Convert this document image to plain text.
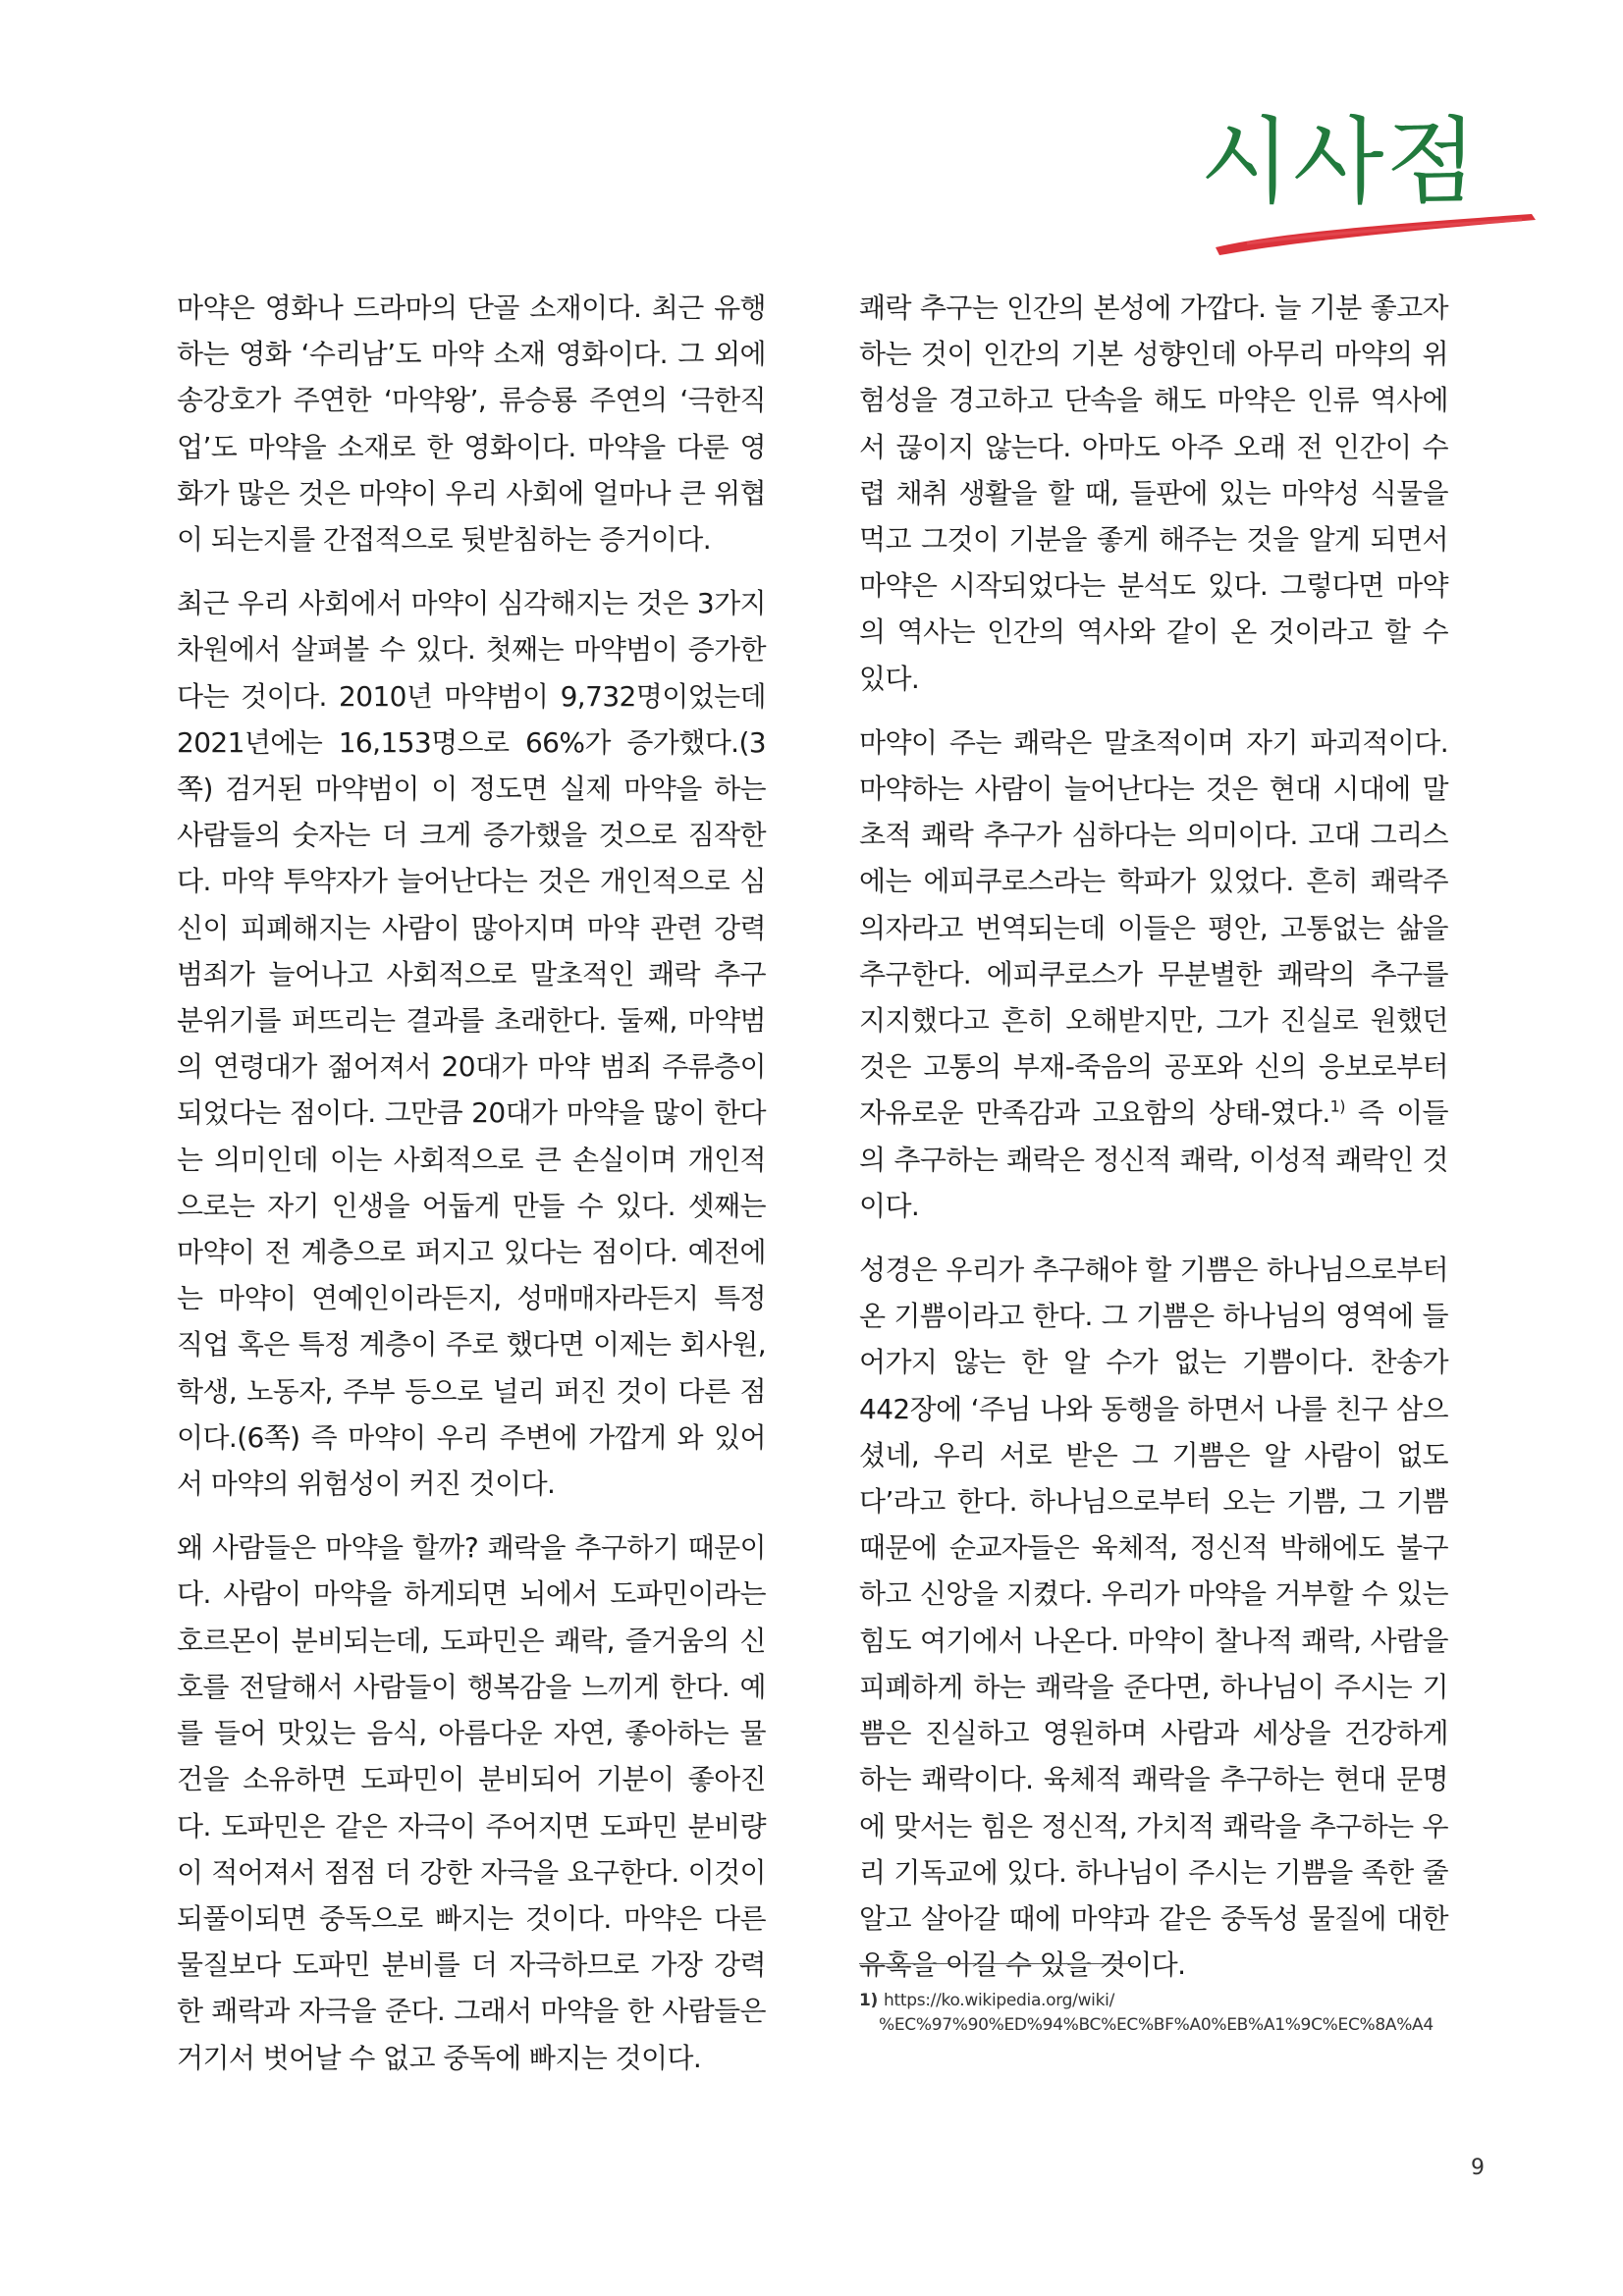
시사점

마약은 영화나 드라마의 단골 소재이다. 최근 유행하는 영화 ‘수리남’도 마약 소재 영화이다. 그 외에 송강호가 주연한 ‘마약왕’, 류승룡 주연의 ‘극한직업’도 마약을 소재로 한 영화이다. 마약을 다룬 영화가 많은 것은 마약이 우리 사회에 얼마나 큰 위협이 되는지를 간접적으로 뒷받침하는 증거이다.

최근 우리 사회에서 마약이 심각해지는 것은 3가지 차원에서 살펴볼 수 있다. 첫째는 마약범이 증가한다는 것이다. 2010년 마약범이 9,732명이었는데 2021년에는 16,153명으로 66%가 증가했다.(3쪽) 검거된 마약범이 이 정도면 실제 마약을 하는 사람들의 숫자는 더 크게 증가했을 것으로 짐작한다. 마약 투약자가 늘어난다는 것은 개인적으로 심신이 피폐해지는 사람이 많아지며 마약 관련 강력범죄가 늘어나고 사회적으로 말초적인 쾌락 추구 분위기를 퍼뜨리는 결과를 초래한다. 둘째, 마약범의 연령대가 젊어져서 20대가 마약 범죄 주류층이 되었다는 점이다. 그만큼 20대가 마약을 많이 한다는 의미인데 이는 사회적으로 큰 손실이며 개인적으로는 자기 인생을 어둡게 만들 수 있다. 셋째는 마약이 전 계층으로 퍼지고 있다는 점이다. 예전에는 마약이 연예인이라든지, 성매매자라든지 특정 직업 혹은 특정 계층이 주로 했다면 이제는 회사원, 학생, 노동자, 주부 등으로 널리 퍼진 것이 다른 점이다.(6쪽) 즉 마약이 우리 주변에 가깝게 와 있어서 마약의 위험성이 커진 것이다.

왜 사람들은 마약을 할까? 쾌락을 추구하기 때문이다. 사람이 마약을 하게되면 뇌에서 도파민이라는 호르몬이 분비되는데, 도파민은 쾌락, 즐거움의 신호를 전달해서 사람들이 행복감을 느끼게 한다. 예를 들어 맛있는 음식, 아름다운 자연, 좋아하는 물건을 소유하면 도파민이 분비되어 기분이 좋아진다. 도파민은 같은 자극이 주어지면 도파민 분비량이 적어져서 점점 더 강한 자극을 요구한다. 이것이 되풀이되면 중독으로 빠지는 것이다. 마약은 다른 물질보다 도파민 분비를 더 자극하므로 가장 강력한 쾌락과 자극을 준다. 그래서 마약을 한 사람들은 거기서 벗어날 수 없고 중독에 빠지는 것이다.

쾌락 추구는 인간의 본성에 가깝다. 늘 기분 좋고자 하는 것이 인간의 기본 성향인데 아무리 마약의 위험성을 경고하고 단속을 해도 마약은 인류 역사에서 끊이지 않는다. 아마도 아주 오래 전 인간이 수렵 채취 생활을 할 때, 들판에 있는 마약성 식물을 먹고 그것이 기분을 좋게 해주는 것을 알게 되면서 마약은 시작되었다는 분석도 있다. 그렇다면 마약의 역사는 인간의 역사와 같이 온 것이라고 할 수 있다.

마약이 주는 쾌락은 말초적이며 자기 파괴적이다. 마약하는 사람이 늘어난다는 것은 현대 시대에 말초적 쾌락 추구가 심하다는 의미이다. 고대 그리스에는 에피쿠로스라는 학파가 있었다. 흔히 쾌락주의자라고 번역되는데 이들은 평안, 고통없는 삶을 추구한다. 에피쿠로스가 무분별한 쾌락의 추구를 지지했다고 흔히 오해받지만, 그가 진실로 원했던 것은 고통의 부재-죽음의 공포와 신의 응보로부터 자유로운 만족감과 고요함의 상태-였다.$^{1)}$ 즉 이들의 추구하는 쾌락은 정신적 쾌락, 이성적 쾌락인 것이다.

성경은 우리가 추구해야 할 기쁨은 하나님으로부터 온 기쁨이라고 한다. 그 기쁨은 하나님의 영역에 들어가지 않는 한 알 수가 없는 기쁨이다. 찬송가 442장에 ‘주님 나와 동행을 하면서 나를 친구 삼으셨네, 우리 서로 받은 그 기쁨은 알 사람이 없도다’라고 한다. 하나님으로부터 오는 기쁨, 그 기쁨 때문에 순교자들은 육체적, 정신적 박해에도 불구하고 신앙을 지켰다. 우리가 마약을 거부할 수 있는 힘도 여기에서 나온다. 마약이 찰나적 쾌락, 사람을 피폐하게 하는 쾌락을 준다면, 하나님이 주시는 기쁨은 진실하고 영원하며 사람과 세상을 건강하게 하는 쾌락이다. 육체적 쾌락을 추구하는 현대 문명에 맞서는 힘은 정신적, 가치적 쾌락을 추구하는 우리 기독교에 있다. 하나님이 주시는 기쁨을 족한 줄 알고 살아갈 때에 마약과 같은 중독성 물질에 대한 유혹을 이길 수 있을 것이다.

1) https://ko.wikipedia.org/wiki/
%EC%97%90%ED%94%BC%EC%BF%A0%EB%A1%9C%EC%8A%A4
9
